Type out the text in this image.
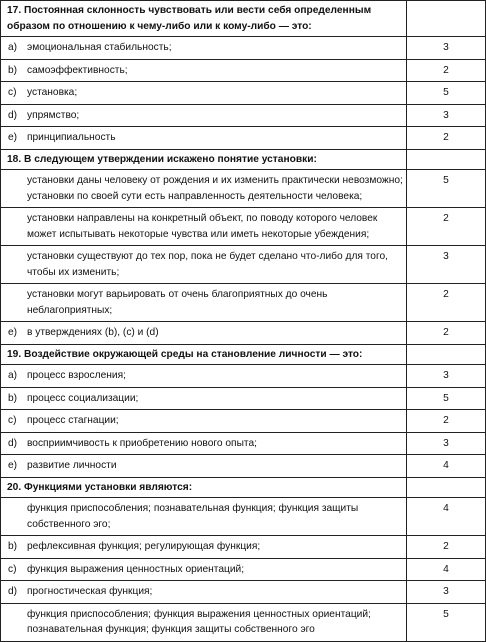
17. Постоянная склонность чувствовать или вести себя определенным образом по отношению к чему-либо или к кому-либо — это:	
a) эмоциональная стабильность;	3
b) самоэффективность;	2
c) установка;	5
d) упрямство;	3
e) принципиальность	2
18. В следующем утверждении искажено понятие установки:	
установки даны человеку от рождения и их изменить практически невозможно; установки по своей сути есть направленность деятельности человека;	5
установки направлены на конкретный объект, по поводу которого человек может испытывать некоторые чувства или иметь некоторые убеждения;	2
установки существуют до тех пор, пока не будет сделано что-либо для того, чтобы их изменить;	3
установки могут варьировать от очень благоприятных до очень неблагоприятных;	2
e) в утверждениях (b), (c) и (d)	2
19. Воздействие окружающей среды на становление личности — это:	
a) процесс взросления;	3
b) процесс социализации;	5
c) процесс стагнации;	2
d) восприимчивость к приобретению нового опыта;	3
e) развитие личности	4
20. Функциями установки являются:	
функция приспособления; познавательная функция; функция защиты собственного эго;	4
b) рефлексивная функция; регулирующая функция;	2
c) функция выражения ценностных ориентаций;	4
d) прогностическая функция;	3
функция приспособления; функция выражения ценностных ориентаций; познавательная функция; функция защиты собственного эго	5
